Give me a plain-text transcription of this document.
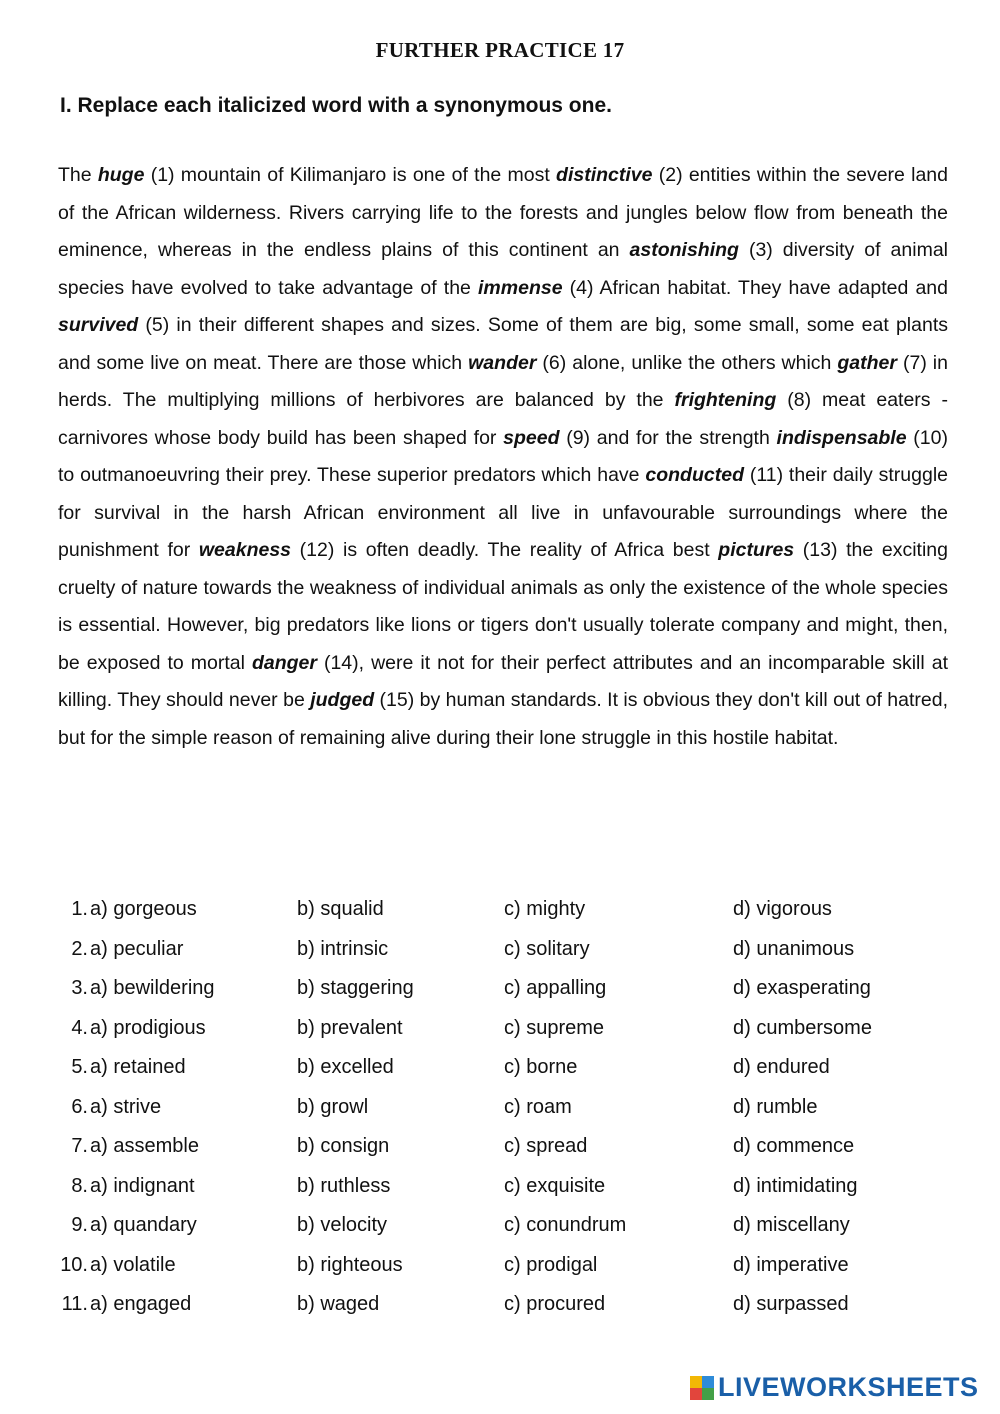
FURTHER PRACTICE 17
I. Replace each italicized word with a synonymous one.
The huge (1) mountain of Kilimanjaro is one of the most distinctive (2) entities within the severe land of the African wilderness. Rivers carrying life to the forests and jungles below flow from beneath the eminence, whereas in the endless plains of this continent an astonishing (3) diversity of animal species have evolved to take advantage of the immense (4) African habitat. They have adapted and survived (5) in their different shapes and sizes. Some of them are big, some small, some eat plants and some live on meat. There are those which wander (6) alone, unlike the others which gather (7) in herds. The multiplying millions of herbivores are balanced by the frightening (8) meat eaters - carnivores whose body build has been shaped for speed (9) and for the strength indispensable (10) to outmanoeuvring their prey. These superior predators which have conducted (11) their daily struggle for survival in the harsh African environment all live in unfavourable surroundings where the punishment for weakness (12) is often deadly. The reality of Africa best pictures (13) the exciting cruelty of nature towards the weakness of individual animals as only the existence of the whole species is essential. However, big predators like lions or tigers don't usually tolerate company and might, then, be exposed to mortal danger (14), were it not for their perfect attributes and an incomparable skill at killing. They should never be judged (15) by human standards. It is obvious they don't kill out of hatred, but for the simple reason of remaining alive during their lone struggle in this hostile habitat.
1. a) gorgeous	b) squalid	c) mighty	d) vigorous
2. a) peculiar	b) intrinsic	c) solitary	d) unanimous
3. a) bewildering	b) staggering	c) appalling	d) exasperating
4. a) prodigious	b) prevalent	c) supreme	d) cumbersome
5. a) retained	b) excelled	c) borne	d) endured
6. a) strive	b) growl	c) roam	d) rumble
7. a) assemble	b) consign	c) spread	d) commence
8. a) indignant	b) ruthless	c) exquisite	d) intimidating
9. a) quandary	b) velocity	c) conundrum	d) miscellany
10. a) volatile	b) righteous	c) prodigal	d) imperative
11. a) engaged	b) waged	c) procured	d) surpassed
LIVEWORKSHEETS
